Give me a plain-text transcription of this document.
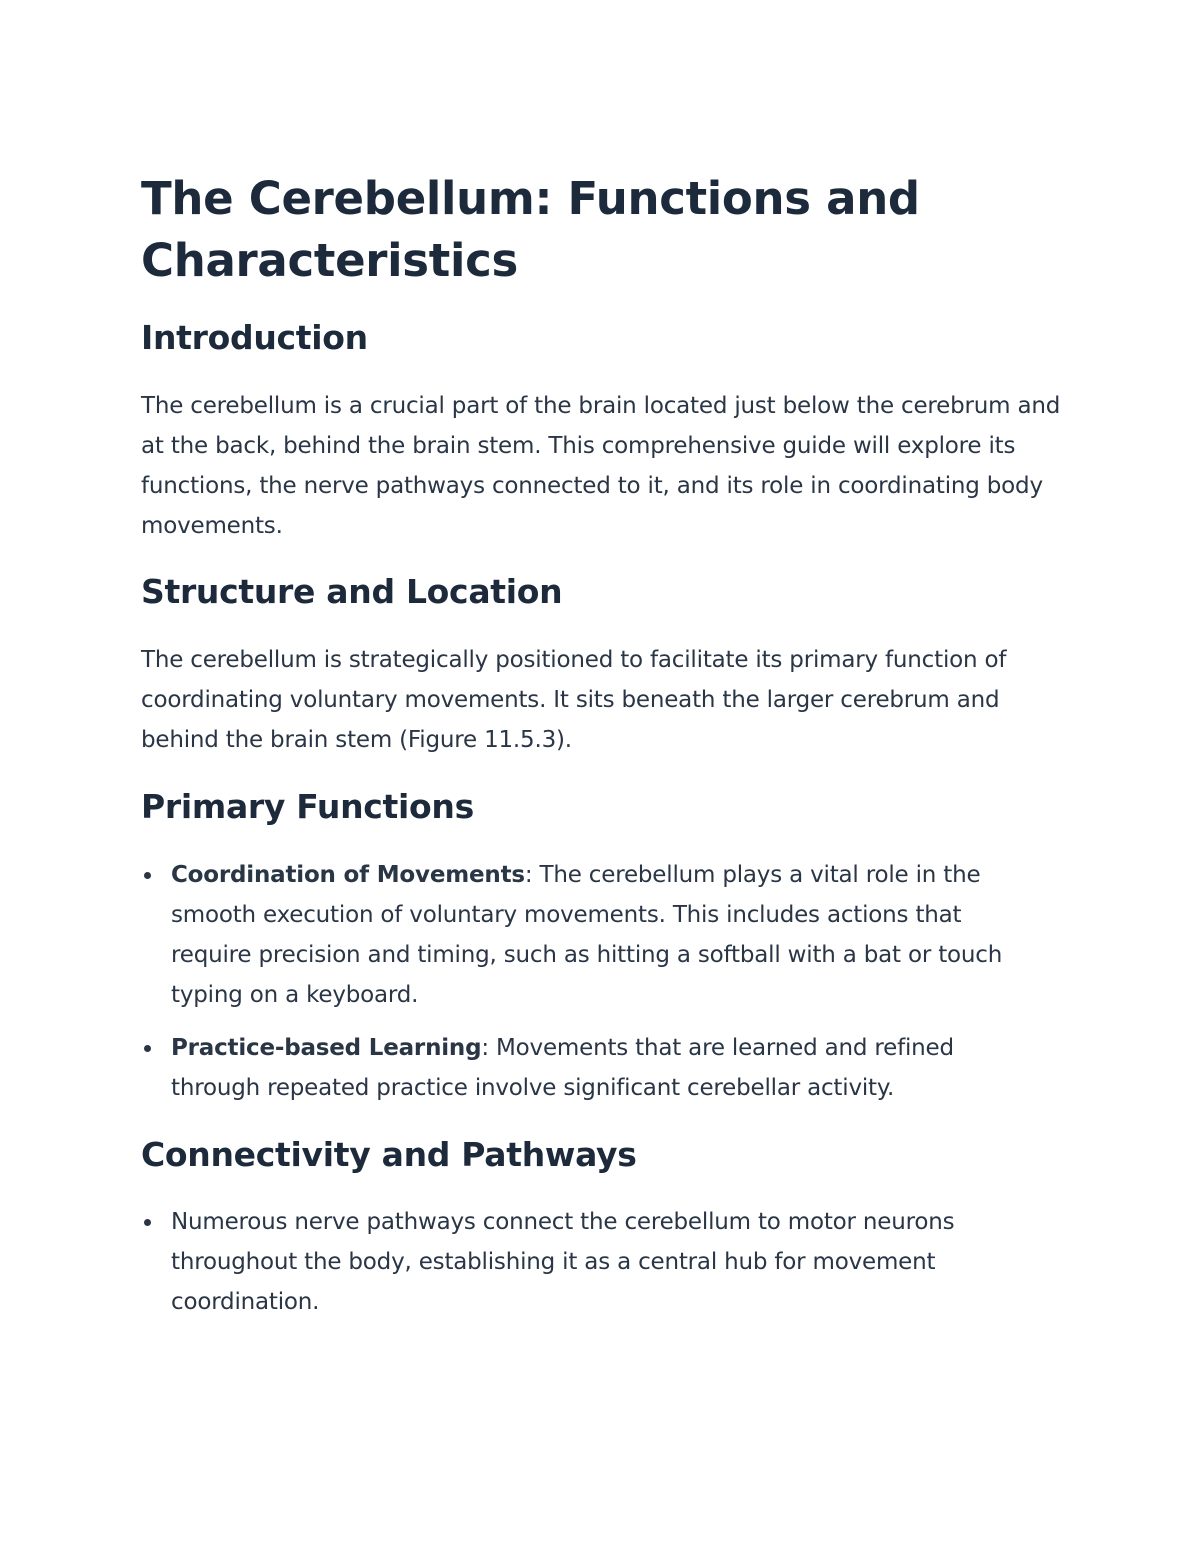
The Cerebellum: Functions and Characteristics
Introduction

The cerebellum is a crucial part of the brain located just below the cerebrum and at the back, behind the brain stem. This comprehensive guide will explore its functions, the nerve pathways connected to it, and its role in coordinating body movements.

Structure and Location

The cerebellum is strategically positioned to facilitate its primary function of coordinating voluntary movements. It sits beneath the larger cerebrum and behind the brain stem (Figure 11.5.3).

Primary Functions
Coordination of Movements: The cerebellum plays a vital role in the smooth execution of voluntary movements. This includes actions that require precision and timing, such as hitting a softball with a bat or touch typing on a keyboard.
Practice-based Learning: Movements that are learned and refined through repeated practice involve significant cerebellar activity.
Connectivity and Pathways
Numerous nerve pathways connect the cerebellum to motor neurons throughout the body, establishing it as a central hub for movement coordination.
